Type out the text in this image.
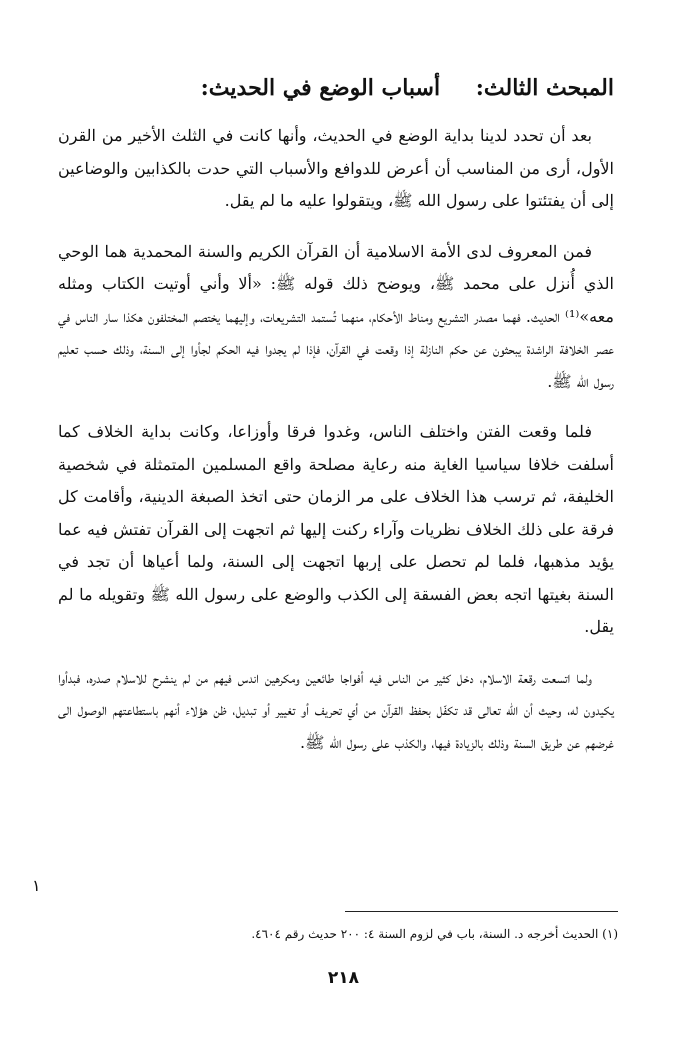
المبحث الثالث: أسباب الوضع في الحديث:

بعد أن تحدد لدينا بداية الوضع في الحديث، وأنها كانت في الثلث الأخير من القرن الأول، أرى من المناسب أن أعرض للدوافع والأسباب التي حدت بالكذابين والوضاعين إلى أن يفتئتوا على رسول الله ﷺ، ويتقولوا عليه ما لم يقل.

فمن المعروف لدى الأمة الاسلامية أن القرآن الكريم والسنة المحمدية هما الوحي الذي أُنزل على محمد ﷺ، ويوضح ذلك قوله ﷺ: «ألا وأني أوتيت الكتاب ومثله معه»⁽¹⁾ الحديث. فهما مصدر التشريع ومناط الأحكام، منهما تُستمد التشريعات، وإليهما يختصم المختلفون هكذا سار الناس في عصر الخلافة الراشدة يبحثون عن حكم النازلة إذا وقعت في القرآن، فإذا لم يجدوا فيه الحكم لجأوا إلى السنة، وذلك حسب تعليم رسول الله ﷺ.

فلما وقعت الفتن واختلف الناس، وغدوا فرقا وأوزاعا، وكانت بداية الخلاف كما أسلفت خلافا سياسيا الغاية منه رعاية مصلحة واقع المسلمين المتمثلة في شخصية الخليفة، ثم ترسب هذا الخلاف على مر الزمان حتى اتخذ الصبغة الدينية، وأقامت كل فرقة على ذلك الخلاف نظريات وآراء ركنت إليها ثم اتجهت إلى القرآن تفتش فيه عما يؤيد مذهبها، فلما لم تحصل على إربها اتجهت إلى السنة، ولما أعياها أن تجد في السنة بغيتها اتجه بعض الفسقة إلى الكذب والوضع على رسول الله ﷺ وتقويله ما لم يقل.

ولما اتسعت رقعة الاسلام، دخل كثير من الناس فيه أفواجا طائعين ومكرهين اندس فيهم من لم ينشرح للاسلام صدره، فبدأوا يكيدون له، وحيث أن الله تعالى قد تكفّل بحفظ القرآن من أي تحريف أو تغيير أو تبديل، ظن هؤلاء أنهم باستطاعتهم الوصول الى غرضهم عن طريق السنة وذلك بالزيادة فيها، والكذب على رسول الله ﷺ.

١
(١) الحديث أخرجه د. السنة، باب في لزوم السنة ٤: ٢٠٠ حديث رقم ٤٦٠٤.
٢١٨
